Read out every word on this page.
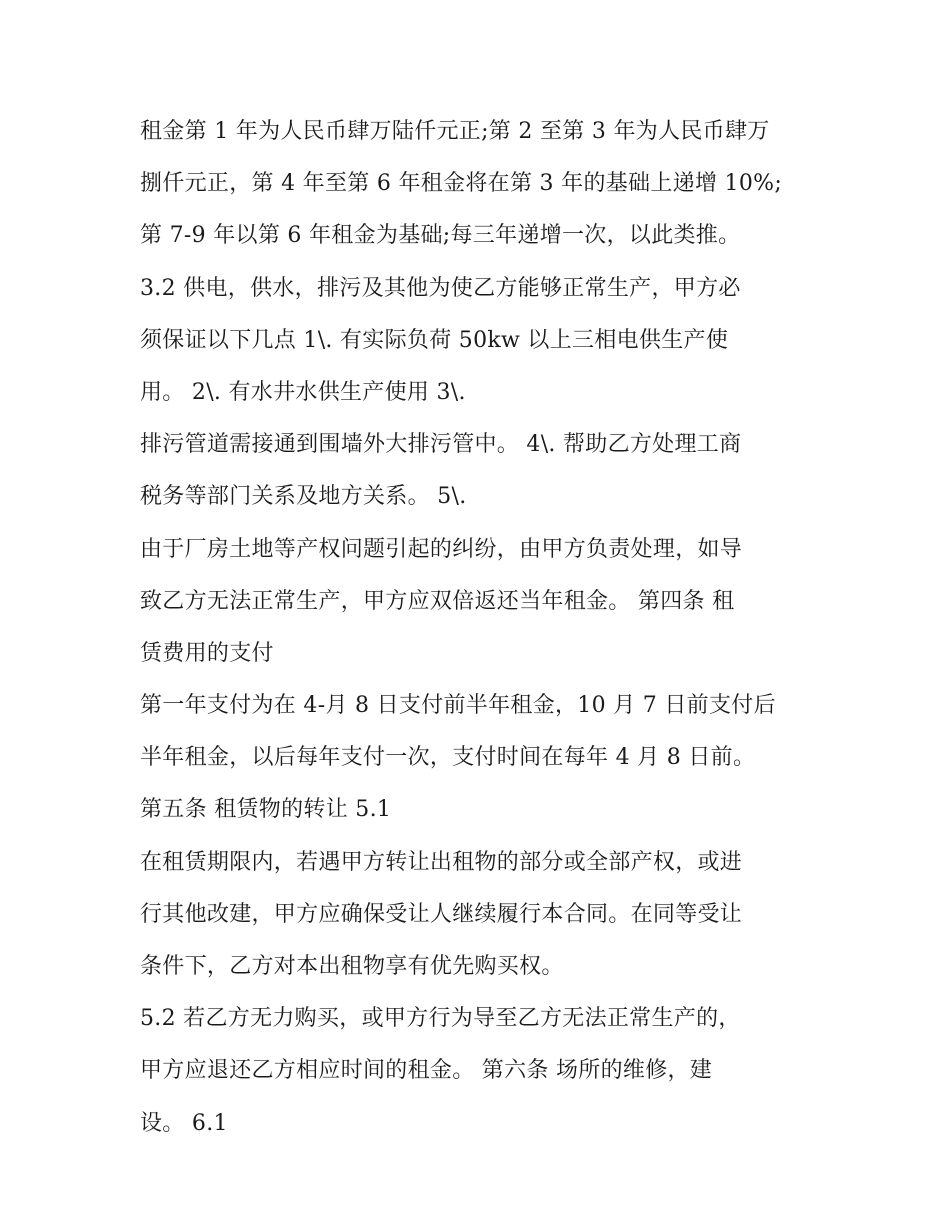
租金第 1 年为人民币肆万陆仟元正;第 2 至第 3 年为人民币肆万
捌仟元正，第 4 年至第 6 年租金将在第 3 年的基础上递增 10%;
第 7-9 年以第 6 年租金为基础;每三年递增一次，以此类推。
3.2 供电，供水，排污及其他为使乙方能够正常生产，甲方必
须保证以下几点 1\. 有实际负荷 50kw 以上三相电供生产使
用。 2\. 有水井水供生产使用 3\.
排污管道需接通到围墙外大排污管中。 4\. 帮助乙方处理工商
税务等部门关系及地方关系。 5\.
由于厂房土地等产权问题引起的纠纷，由甲方负责处理，如导
致乙方无法正常生产，甲方应双倍返还当年租金。 第四条 租
赁费用的支付
第一年支付为在 4-月 8 日支付前半年租金，10 月 7 日前支付后
半年租金，以后每年支付一次，支付时间在每年 4 月 8 日前。
第五条 租赁物的转让 5.1
在租赁期限内，若遇甲方转让出租物的部分或全部产权，或进
行其他改建，甲方应确保受让人继续履行本合同。在同等受让
条件下，乙方对本出租物享有优先购买权。
5.2 若乙方无力购买，或甲方行为导至乙方无法正常生产的，
甲方应退还乙方相应时间的租金。 第六条 场所的维修，建
设。 6.1
